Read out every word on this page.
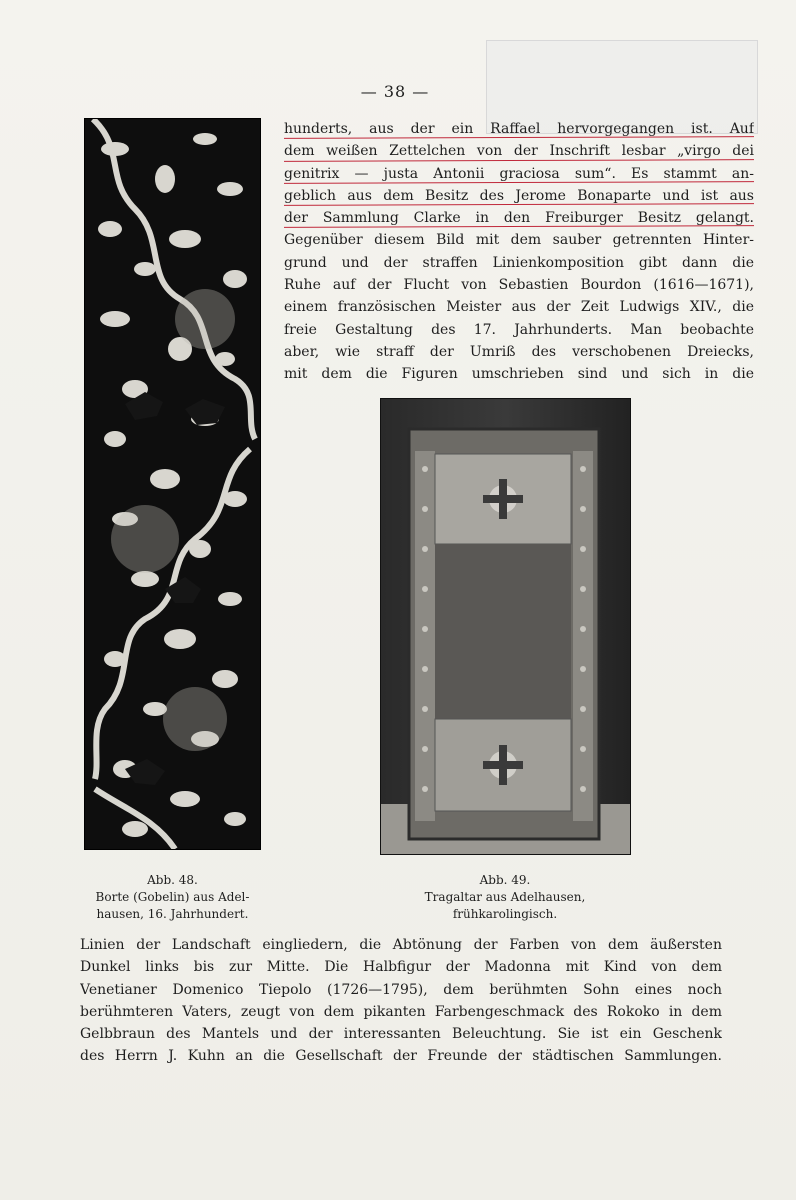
— 38 —
hunderts, aus der ein Raffael hervorgegangen ist. Auf
dem weißen Zettelchen von der Inschrift lesbar „virgo dei
genitrix — justa Antonii graciosa sum“. Es stammt an-
geblich aus dem Besitz des Jerome Bonaparte und ist aus
der Sammlung Clarke in den Freiburger Besitz gelangt.
Gegenüber diesem Bild mit dem sauber getrennten Hinter-
grund und der straffen Linienkomposition gibt dann die
Ruhe auf der Flucht von Sebastien Bourdon (1616—1671),
einem französischen Meister aus der Zeit Ludwigs XIV., die
freie Gestaltung des 17. Jahrhunderts. Man beobachte
aber, wie straff der Umriß des verschobenen Dreiecks,
mit dem die Figuren umschrieben sind und sich in die
Abb. 48.
Borte (Gobelin) aus Adel-
hausen, 16. Jahrhundert.
Abb. 49.
Tragaltar aus Adelhausen,
frühkarolingisch.
Linien der Landschaft eingliedern, die Abtönung der Farben von dem äußersten
Dunkel links bis zur Mitte. Die Halbfigur der Madonna mit Kind von dem
Venetianer Domenico Tiepolo (1726—1795), dem berühmten Sohn eines noch
berühmteren Vaters, zeugt von dem pikanten Farbengeschmack des Rokoko in dem
Gelbbraun des Mantels und der interessanten Beleuchtung. Sie ist ein Geschenk
des Herrn J. Kuhn an die Gesellschaft der Freunde der städtischen Sammlungen.
